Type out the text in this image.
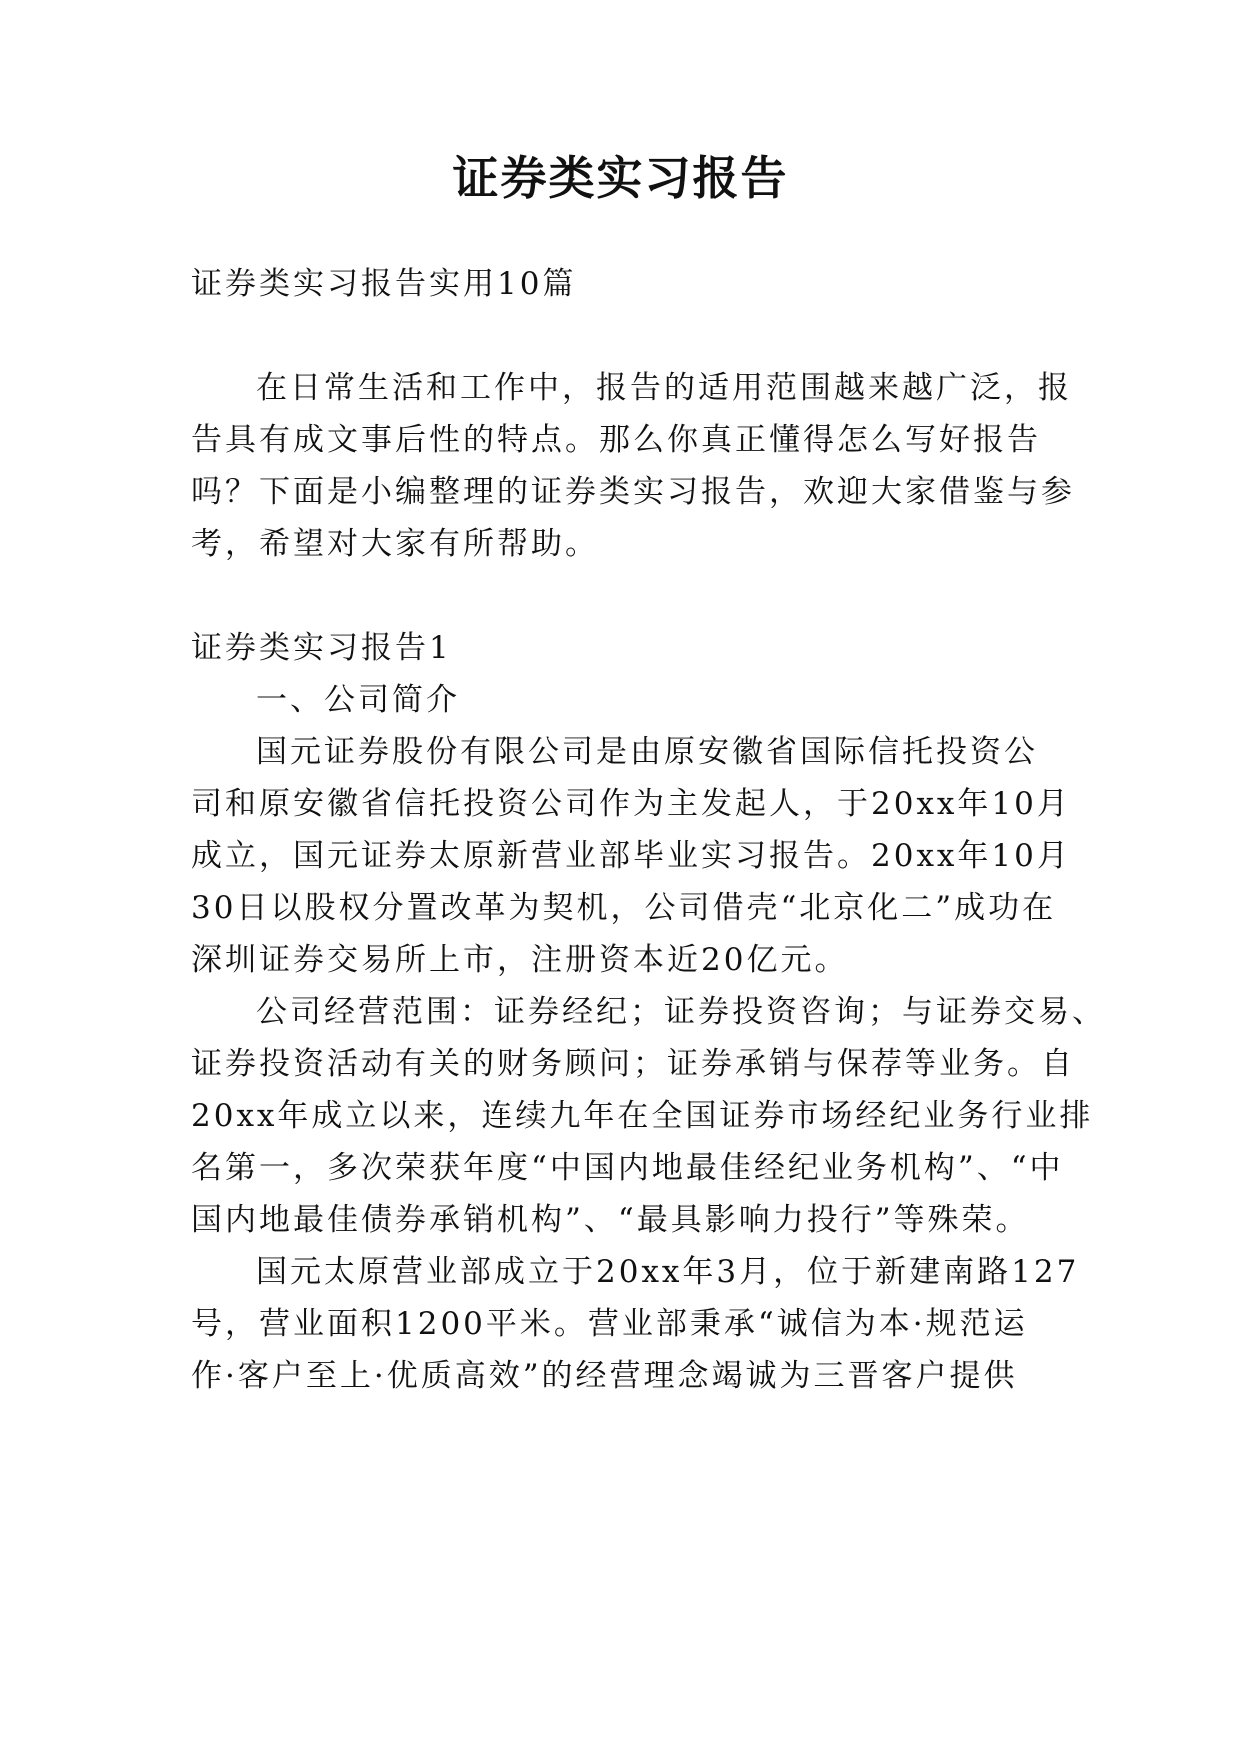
证券类实习报告
证券类实习报告实用10篇
在日常生活和工作中，报告的适用范围越来越广泛，报
告具有成文事后性的特点。那么你真正懂得怎么写好报告
吗？下面是小编整理的证券类实习报告，欢迎大家借鉴与参
考，希望对大家有所帮助。
证券类实习报告1
一、公司简介
国元证券股份有限公司是由原安徽省国际信托投资公
司和原安徽省信托投资公司作为主发起人，于20xx年10月
成立，国元证券太原新营业部毕业实习报告。20xx年10月
30日以股权分置改革为契机，公司借壳“北京化二”成功在
深圳证券交易所上市，注册资本近20亿元。
公司经营范围：证券经纪；证券投资咨询；与证券交易、
证券投资活动有关的财务顾问；证券承销与保荐等业务。自
20xx年成立以来，连续九年在全国证券市场经纪业务行业排
名第一，多次荣获年度“中国内地最佳经纪业务机构”、“中
国内地最佳债券承销机构”、“最具影响力投行”等殊荣。
国元太原营业部成立于20xx年3月，位于新建南路127
号，营业面积1200平米。营业部秉承“诚信为本·规范运
作·客户至上·优质高效”的经营理念竭诚为三晋客户提供
